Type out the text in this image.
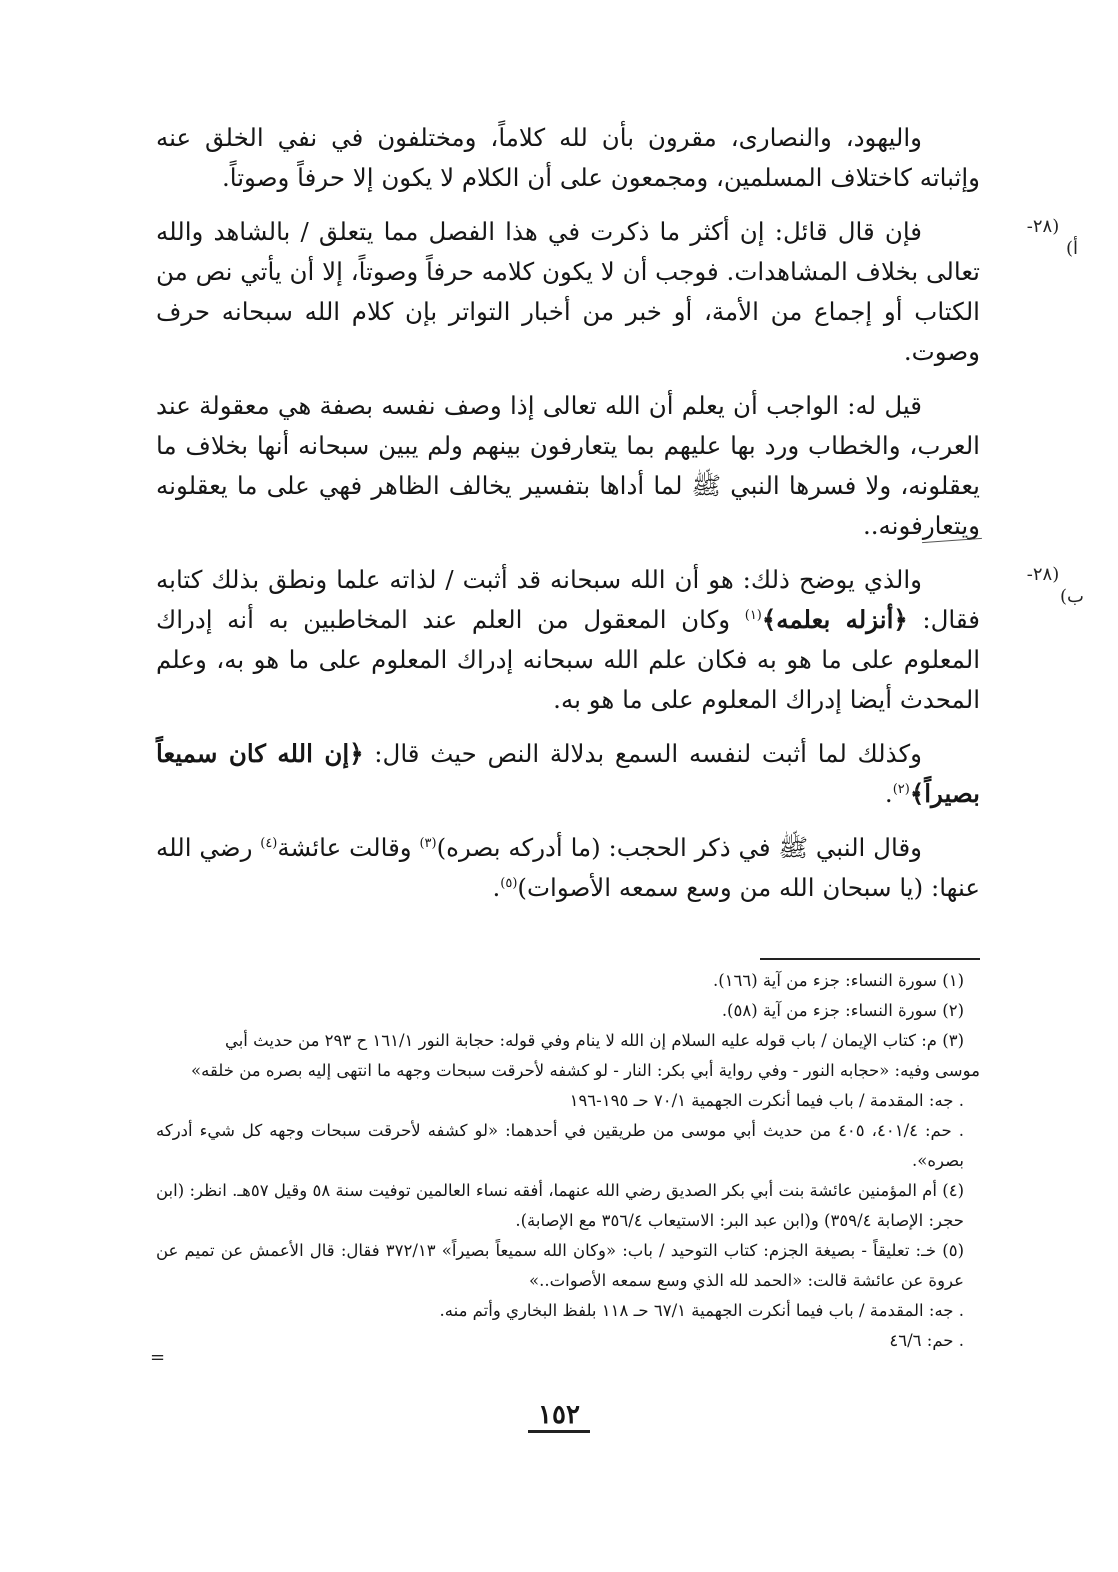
واليهود، والنصارى، مقرون بأن لله كلاماً، ومختلفون في نفي الخلق عنه وإثباته كاختلاف المسلمين، ومجمعون على أن الكلام لا يكون إلا حرفاً وصوتاً.

(٢٨-أ)
فإن قال قائل: إن أكثر ما ذكرت في هذا الفصل مما يتعلق / بالشاهد والله تعالى بخلاف المشاهدات. فوجب أن لا يكون كلامه حرفاً وصوتاً، إلا أن يأتي نص من الكتاب أو إجماع من الأمة، أو خبر من أخبار التواتر بإن كلام الله سبحانه حرف وصوت.

قيل له: الواجب أن يعلم أن الله تعالى إذا وصف نفسه بصفة هي معقولة عند العرب، والخطاب ورد بها عليهم بما يتعارفون بينهم ولم يبين سبحانه أنها بخلاف ما يعقلونه، ولا فسرها النبي ﷺ لما أداها بتفسير يخالف الظاهر فهي على ما يعقلونه ويتعارفونه..

(٢٨-ب)
والذي يوضح ذلك: هو أن الله سبحانه قد أثبت / لذاته علما ونطق بذلك كتابه فقال: ﴿أنزله بعلمه﴾$^{(١)}$ وكان المعقول من العلم عند المخاطبين به أنه إدراك المعلوم على ما هو به فكان علم الله سبحانه إدراك المعلوم على ما هو به، وعلم المحدث أيضا إدراك المعلوم على ما هو به.

وكذلك لما أثبت لنفسه السمع بدلالة النص حيث قال: ﴿إن الله كان سميعاً بصيراً﴾$^{(٢)}$.

وقال النبي ﷺ في ذكر الحجب: (ما أدركه بصره)$^{(٣)}$ وقالت عائشة$^{(٤)}$ رضي الله عنها: (يا سبحان الله من وسع سمعه الأصوات)$^{(٥)}$.

(١) سورة النساء: جزء من آية (١٦٦).

(٢) سورة النساء: جزء من آية (٥٨).

(٣) م: كتاب الإيمان / باب قوله عليه السلام إن الله لا ينام وفي قوله: حجابة النور ١٦١/١ ح ٢٩٣ من حديث أبي

موسى وفيه: «حجابه النور - وفي رواية أبي بكر: النار - لو كشفه لأحرقت سبحات وجهه ما انتهى إليه بصره من خلقه»

. جه: المقدمة / باب فيما أنكرت الجهمية ٧٠/١ حـ ١٩٥-١٩٦

. حم: ٤٠١/٤، ٤٠٥ من حديث أبي موسى من طريقين في أحدهما: «لو كشفه لأحرقت سبحات وجهه كل شيء أدركه بصره».

(٤) أم المؤمنين عائشة بنت أبي بكر الصديق رضي الله عنهما، أفقه نساء العالمين توفيت سنة ٥٨ وقيل ٥٧هـ. انظر: (ابن حجر: الإصابة ٣٥٩/٤) و(ابن عبد البر: الاستيعاب ٣٥٦/٤ مع الإصابة).

(٥) خـ: تعليقاً - بصيغة الجزم: كتاب التوحيد / باب: «وكان الله سميعاً بصيراً» ٣٧٢/١٣ فقال: قال الأعمش عن تميم عن عروة عن عائشة قالت: «الحمد لله الذي وسع سمعه الأصوات..»

. جه: المقدمة / باب فيما أنكرت الجهمية ٦٧/١ حـ ١١٨ بلفظ البخاري وأتم منه.

. حم: ٤٦/٦

=
١٥٢
